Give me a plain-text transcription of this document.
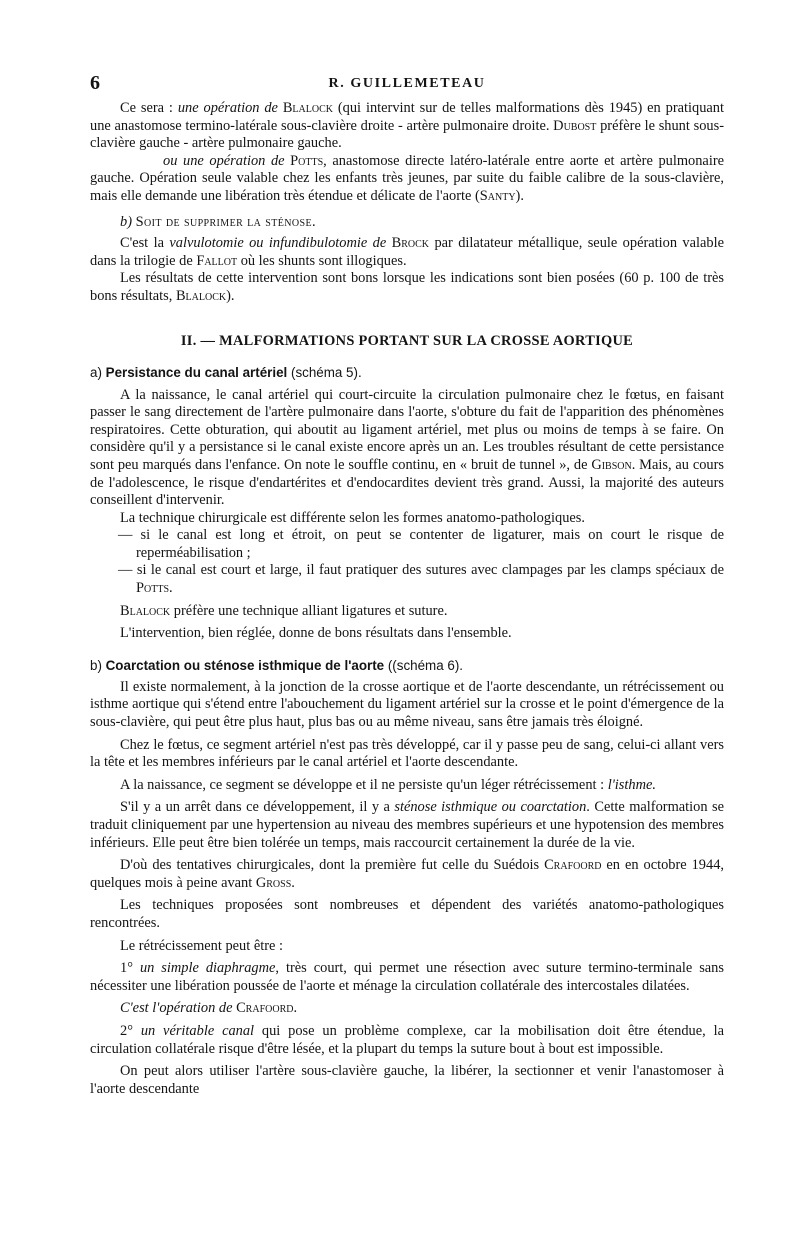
6	R. GUILLEMETEAU

Ce sera : une opération de Blalock (qui intervint sur de telles malformations dès 1945) en pratiquant une anastomose termino-latérale sous-clavière droite - artère pulmonaire droite. Dubost préfère le shunt sous-clavière gauche - artère pulmonaire gauche.

ou une opération de Potts, anastomose directe latéro-latérale entre aorte et artère pulmonaire gauche. Opération seule valable chez les enfants très jeunes, par suite du faible calibre de la sous-clavière, mais elle demande une libération très étendue et délicate de l'aorte (Santy).

b) Soit de supprimer la sténose.

C'est la valvulotomie ou infundibulotomie de Brock par dilatateur métallique, seule opération valable dans la trilogie de Fallot où les shunts sont illogiques.

Les résultats de cette intervention sont bons lorsque les indications sont bien posées (60 p. 100 de très bons résultats, Blalock).

II. — MALFORMATIONS PORTANT SUR LA CROSSE AORTIQUE

a) Persistance du canal artériel (schéma 5).

A la naissance, le canal artériel qui court-circuite la circulation pulmonaire chez le fœtus, en faisant passer le sang directement de l'artère pulmonaire dans l'aorte, s'obture du fait de l'apparition des phénomènes respiratoires. Cette obturation, qui aboutit au ligament artériel, met plus ou moins de temps à se faire. On considère qu'il y a persistance si le canal existe encore après un an. Les troubles résultant de cette persistance sont peu marqués dans l'enfance. On note le souffle continu, en « bruit de tunnel », de Gibson. Mais, au cours de l'adolescence, le risque d'endartérites et d'endocardites devient très grand. Aussi, la majorité des auteurs conseillent d'intervenir.

La technique chirurgicale est différente selon les formes anatomo-pathologiques.

— si le canal est long et étroit, on peut se contenter de ligaturer, mais on court le risque de reperméabilisation ;
— si le canal est court et large, il faut pratiquer des sutures avec clampages par les clamps spéciaux de Potts.

Blalock préfère une technique alliant ligatures et suture.

L'intervention, bien réglée, donne de bons résultats dans l'ensemble.

b) Coarctation ou sténose isthmique de l'aorte ((schéma 6).

Il existe normalement, à la jonction de la crosse aortique et de l'aorte descendante, un rétrécissement ou isthme aortique qui s'étend entre l'abouchement du ligament artériel sur la crosse et le point d'émergence de la sous-clavière, qui peut être plus haut, plus bas ou au même niveau, sans être jamais très éloigné.

Chez le fœtus, ce segment artériel n'est pas très développé, car il y passe peu de sang, celui-ci allant vers la tête et les membres inférieurs par le canal artériel et l'aorte descendante.

A la naissance, ce segment se développe et il ne persiste qu'un léger rétrécissement : l'isthme.

S'il y a un arrêt dans ce développement, il y a sténose isthmique ou coarctation. Cette malformation se traduit cliniquement par une hypertension au niveau des membres supérieurs et une hypotension des membres inférieurs. Elle peut être bien tolérée un temps, mais raccourcit certainement la durée de la vie.

D'où des tentatives chirurgicales, dont la première fut celle du Suédois Crafoord en en octobre 1944, quelques mois à peine avant Gross.

Les techniques proposées sont nombreuses et dépendent des variétés anatomo-pathologiques rencontrées.

Le rétrécissement peut être :

1° un simple diaphragme, très court, qui permet une résection avec suture termino-terminale sans nécessiter une libération poussée de l'aorte et ménage la circulation collatérale des intercostales dilatées.

C'est l'opération de Crafoord.

2° un véritable canal qui pose un problème complexe, car la mobilisation doit être étendue, la circulation collatérale risque d'être lésée, et la plupart du temps la suture bout à bout est impossible.

On peut alors utiliser l'artère sous-clavière gauche, la libérer, la sectionner et venir l'anastomoser à l'aorte descendante
